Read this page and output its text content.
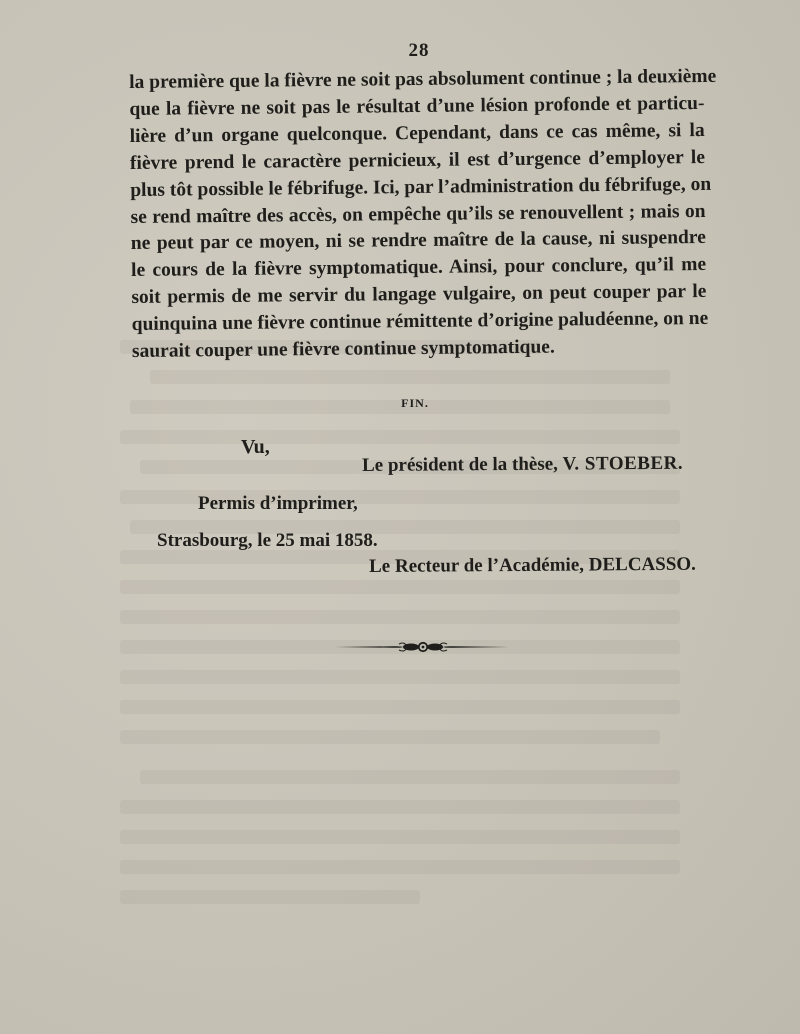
28
la première que la fièvre ne soit pas absolument continue ; la deuxième
que la fièvre ne soit pas le résultat d’une lésion profonde et particu-
lière d’un organe quelconque. Cependant, dans ce cas même, si la
fièvre prend le caractère pernicieux, il est d’urgence d’employer le
plus tôt possible le fébrifuge. Ici, par l’administration du fébrifuge, on
se rend maître des accès, on empêche qu’ils se renouvellent ; mais on
ne peut par ce moyen, ni se rendre maître de la cause, ni suspendre
le cours de la fièvre symptomatique. Ainsi, pour conclure, qu’il me
soit permis de me servir du langage vulgaire, on peut couper par le
quinquina une fièvre continue rémittente d’origine paludéenne, on ne
saurait couper une fièvre continue symptomatique.
FIN.
Vu,
Le président de la thèse, V. STOEBER.
Permis d’imprimer,
Strasbourg, le 25 mai 1858.
Le Recteur de l’Académie, DELCASSO.
